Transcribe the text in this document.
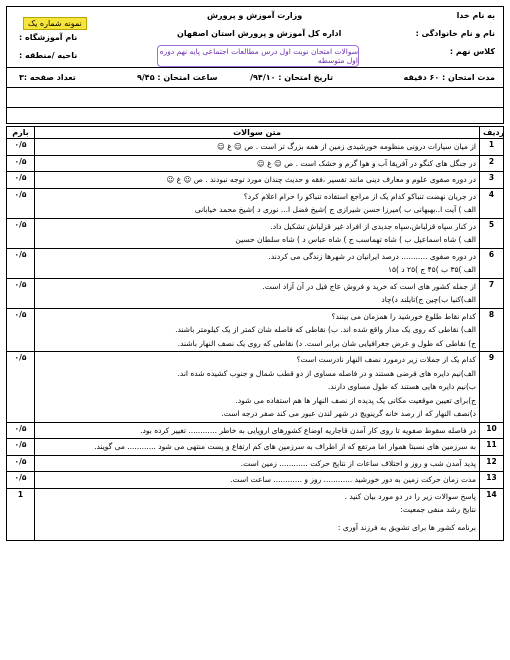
به نام خدا
وزارت آموزش و پرورش
نمونه شماره یک
نام و نام خانوادگی :
اداره کل آموزش و پرورش استان اصفهان
نام آموزشگاه :
کلاس نهم :
ناحیه /منطقه :	سوالات امتحان نوبت اول درس مطالعات اجتماعی پایه نهم دوره اول متوسطه
مدت امتحان : ۶۰ دقیقه
تاریخ امتحان : ۹۴/۱۰/
ساعت امتحان : ۹/۴۵
تعداد صفحه :۳
بارم	متن سوالات	ردیف
۰/۵	از میان سیارات درونی منظومه خورشیدی زمین از همه بزرگ تر است . ص ☺ غ ☺	1
۰/۵	در جنگل های کنگو در آفریقا آب و هوا گرم و خشک است . ص ☺ غ ☺	2
۰/۵	در دوره صفوی علوم و معارف دینی مانند تفسیر ،فقه و حدیث چندان مورد توجه نبودند . ص ☺ غ ☺	3
۰/۵	در جریان نهضت تنباکو کدام یک از مراجع استفاده تنباکو را حرام اعلام کرد؟
الف ) آیت ا..بهبهانی ب )میرزا حسن شیرازی ج )شیخ فضل ا... نوری د )شیخ محمد خیابانی	4
۰/۵	در کنار سپاه قزلباش،سپاه جدیدی از افراد غیر قزلباش تشکیل داد.
الف ) شاه اسماعیل ب ) شاه تهماسب ج ) شاه عباس د ) شاه سلطان حسین	5
۰/۵	در دوره صفوی ........... درصد ایرانیان در شهرها زندگی می کردند.
الف )۳۵ ب )۴۵ ج )۲۵ د )۱۵	6
۰/۵	از جمله کشور های است که خرید و فروش عاج فیل در آن آزاد است.
الف)کنیا ب)چین ج)تایلند د)چاد	7
۰/۵	کدام نقاط طلوع خورشید را همزمان می بینند؟
الف) نقاطی که روی یک مدار واقع شده اند. ب) نقاطی که فاصله شان کمتر از یک کیلومتر باشند.
ج) نقاطی که طول و عرض جغرافیایی شان برابر است. د) نقاطی که روی یک نصف النهار باشند.	8
۰/۵	کدام یک از جملات زیر درمورد نصف النهار نادرست است؟
الف)نیم دایره های فرضی هستند و در فاصله مساوی از دو قطب شمال و جنوب کشیده شده اند.
ب)نیم دایره هایی هستند که طول مساوی دارند.
ج)برای تعیین موقعیت مکانی یک پدیده از نصف النهار ها هم استفاده می شود.
د)نصف النهار که از رصد خانه گرینویچ در شهر لندن عبور می کند صفر درجه است.	9
۰/۵	در فاصله سقوط صفویه تا روی کار آمدن قاجاریه اوضاع کشورهای اروپایی به خاطر ............ تغییر کرده بود.	10
۰/۵	به سرزمین های نسبتا هموار اما مرتفع که از اطراف به سرزمین های کم ارتفاع و پست منتهی می شود ............ می گویند.	11
۰/۵	پدید آمدن شب و روز و اختلاف ساعات از نتایج حرکت ............ زمین است.	12
۰/۵	مدت زمان حرکت زمین به دور خورشید ............ روز و ............ ساعت است.	13
1	پاسخ سوالات زیر را در دو مورد بیان کنید .
نتایج رشد منفی جمعیت:
برنامه کشور ها برای تشویق به فرزند آوری :	14
